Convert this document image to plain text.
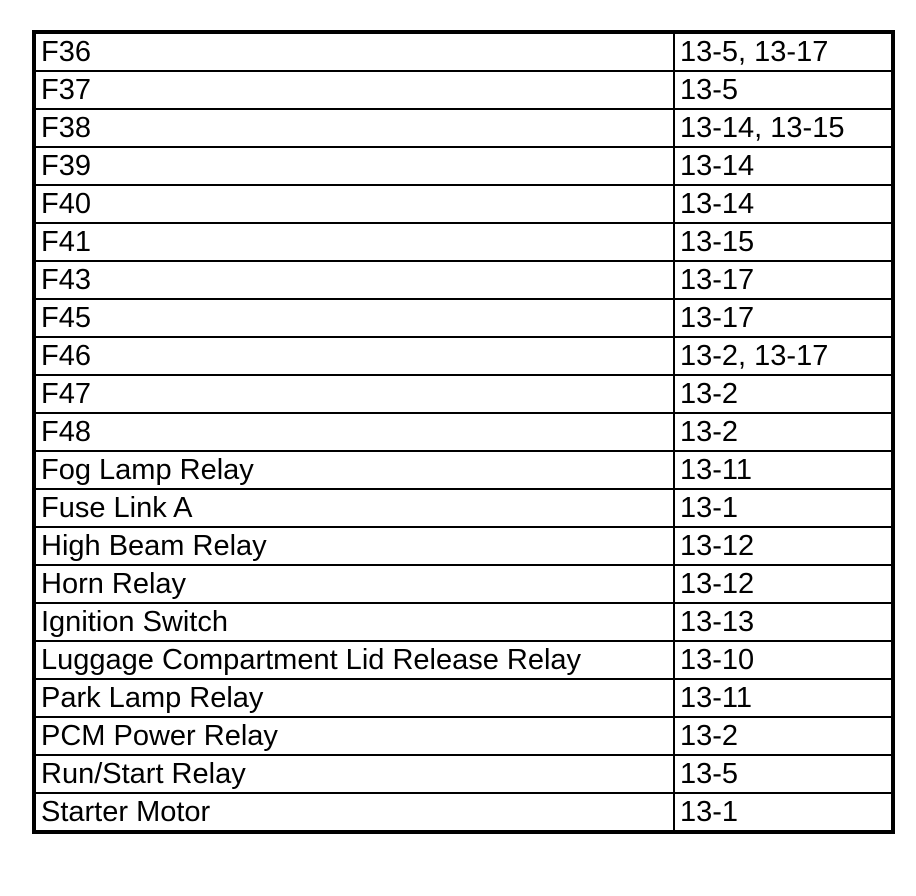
F36	13-5, 13-17
F37	13-5
F38	13-14, 13-15
F39	13-14
F40	13-14
F41	13-15
F43	13-17
F45	13-17
F46	13-2, 13-17
F47	13-2
F48	13-2
Fog Lamp Relay	13-11
Fuse Link A	13-1
High Beam Relay	13-12
Horn Relay	13-12
Ignition Switch	13-13
Luggage Compartment Lid Release Relay	13-10
Park Lamp Relay	13-11
PCM Power Relay	13-2
Run/Start Relay	13-5
Starter Motor	13-1
